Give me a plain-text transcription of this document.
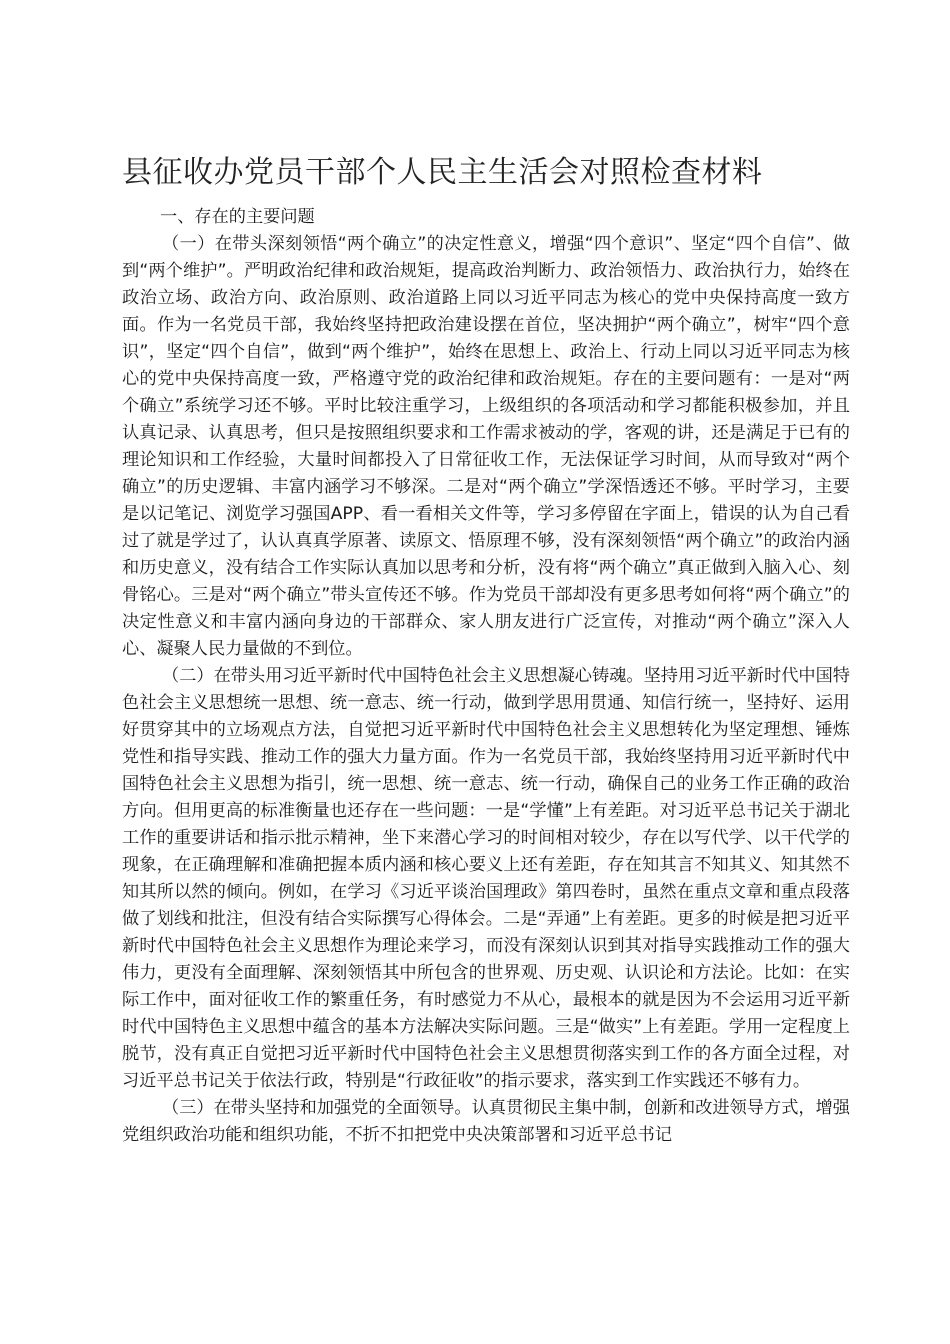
县征收办党员干部个人民主生活会对照检查材料

一、存在的主要问题

（一）在带头深刻领悟“两个确立”的决定性意义，增强“四个意识”、坚定“四个自信”、做到“两个维护”。严明政治纪律和政治规矩，提高政治判断力、政治领悟力、政治执行力，始终在政治立场、政治方向、政治原则、政治道路上同以习近平同志为核心的党中央保持高度一致方面。作为一名党员干部，我始终坚持把政治建设摆在首位，坚决拥护“两个确立”，树牢“四个意识”，坚定“四个自信”，做到“两个维护”，始终在思想上、政治上、行动上同以习近平同志为核心的党中央保持高度一致，严格遵守党的政治纪律和政治规矩。存在的主要问题有：一是对“两个确立”系统学习还不够。平时比较注重学习，上级组织的各项活动和学习都能积极参加，并且认真记录、认真思考，但只是按照组织要求和工作需求被动的学，客观的讲，还是满足于已有的理论知识和工作经验，大量时间都投入了日常征收工作，无法保证学习时间，从而导致对“两个确立”的历史逻辑、丰富内涵学习不够深。二是对“两个确立”学深悟透还不够。平时学习，主要是以记笔记、浏览学习强国APP、看一看相关文件等，学习多停留在字面上，错误的认为自己看过了就是学过了，认认真真学原著、读原文、悟原理不够，没有深刻领悟“两个确立”的政治内涵和历史意义，没有结合工作实际认真加以思考和分析，没有将“两个确立”真正做到入脑入心、刻骨铭心。三是对“两个确立”带头宣传还不够。作为党员干部却没有更多思考如何将“两个确立”的决定性意义和丰富内涵向身边的干部群众、家人朋友进行广泛宣传，对推动“两个确立”深入人心、凝聚人民力量做的不到位。

（二）在带头用习近平新时代中国特色社会主义思想凝心铸魂。坚持用习近平新时代中国特色社会主义思想统一思想、统一意志、统一行动，做到学思用贯通、知信行统一，坚持好、运用好贯穿其中的立场观点方法，自觉把习近平新时代中国特色社会主义思想转化为坚定理想、锤炼党性和指导实践、推动工作的强大力量方面。作为一名党员干部，我始终坚持用习近平新时代中国特色社会主义思想为指引，统一思想、统一意志、统一行动，确保自己的业务工作正确的政治方向。但用更高的标准衡量也还存在一些问题：一是“学懂”上有差距。对习近平总书记关于湖北工作的重要讲话和指示批示精神，坐下来潜心学习的时间相对较少，存在以写代学、以干代学的现象，在正确理解和准确把握本质内涵和核心要义上还有差距，存在知其言不知其义、知其然不知其所以然的倾向。例如，在学习《习近平谈治国理政》第四卷时，虽然在重点文章和重点段落做了划线和批注，但没有结合实际撰写心得体会。二是“弄通”上有差距。更多的时候是把习近平新时代中国特色社会主义思想作为理论来学习，而没有深刻认识到其对指导实践推动工作的强大伟力，更没有全面理解、深刻领悟其中所包含的世界观、历史观、认识论和方法论。比如：在实际工作中，面对征收工作的繁重任务，有时感觉力不从心，最根本的就是因为不会运用习近平新时代中国特色主义思想中蕴含的基本方法解决实际问题。三是“做实”上有差距。学用一定程度上脱节，没有真正自觉把习近平新时代中国特色社会主义思想贯彻落实到工作的各方面全过程，对习近平总书记关于依法行政，特别是“行政征收”的指示要求，落实到工作实践还不够有力。

（三）在带头坚持和加强党的全面领导。认真贯彻民主集中制，创新和改进领导方式，增强党组织政治功能和组织功能，不折不扣把党中央决策部署和习近平总书记
